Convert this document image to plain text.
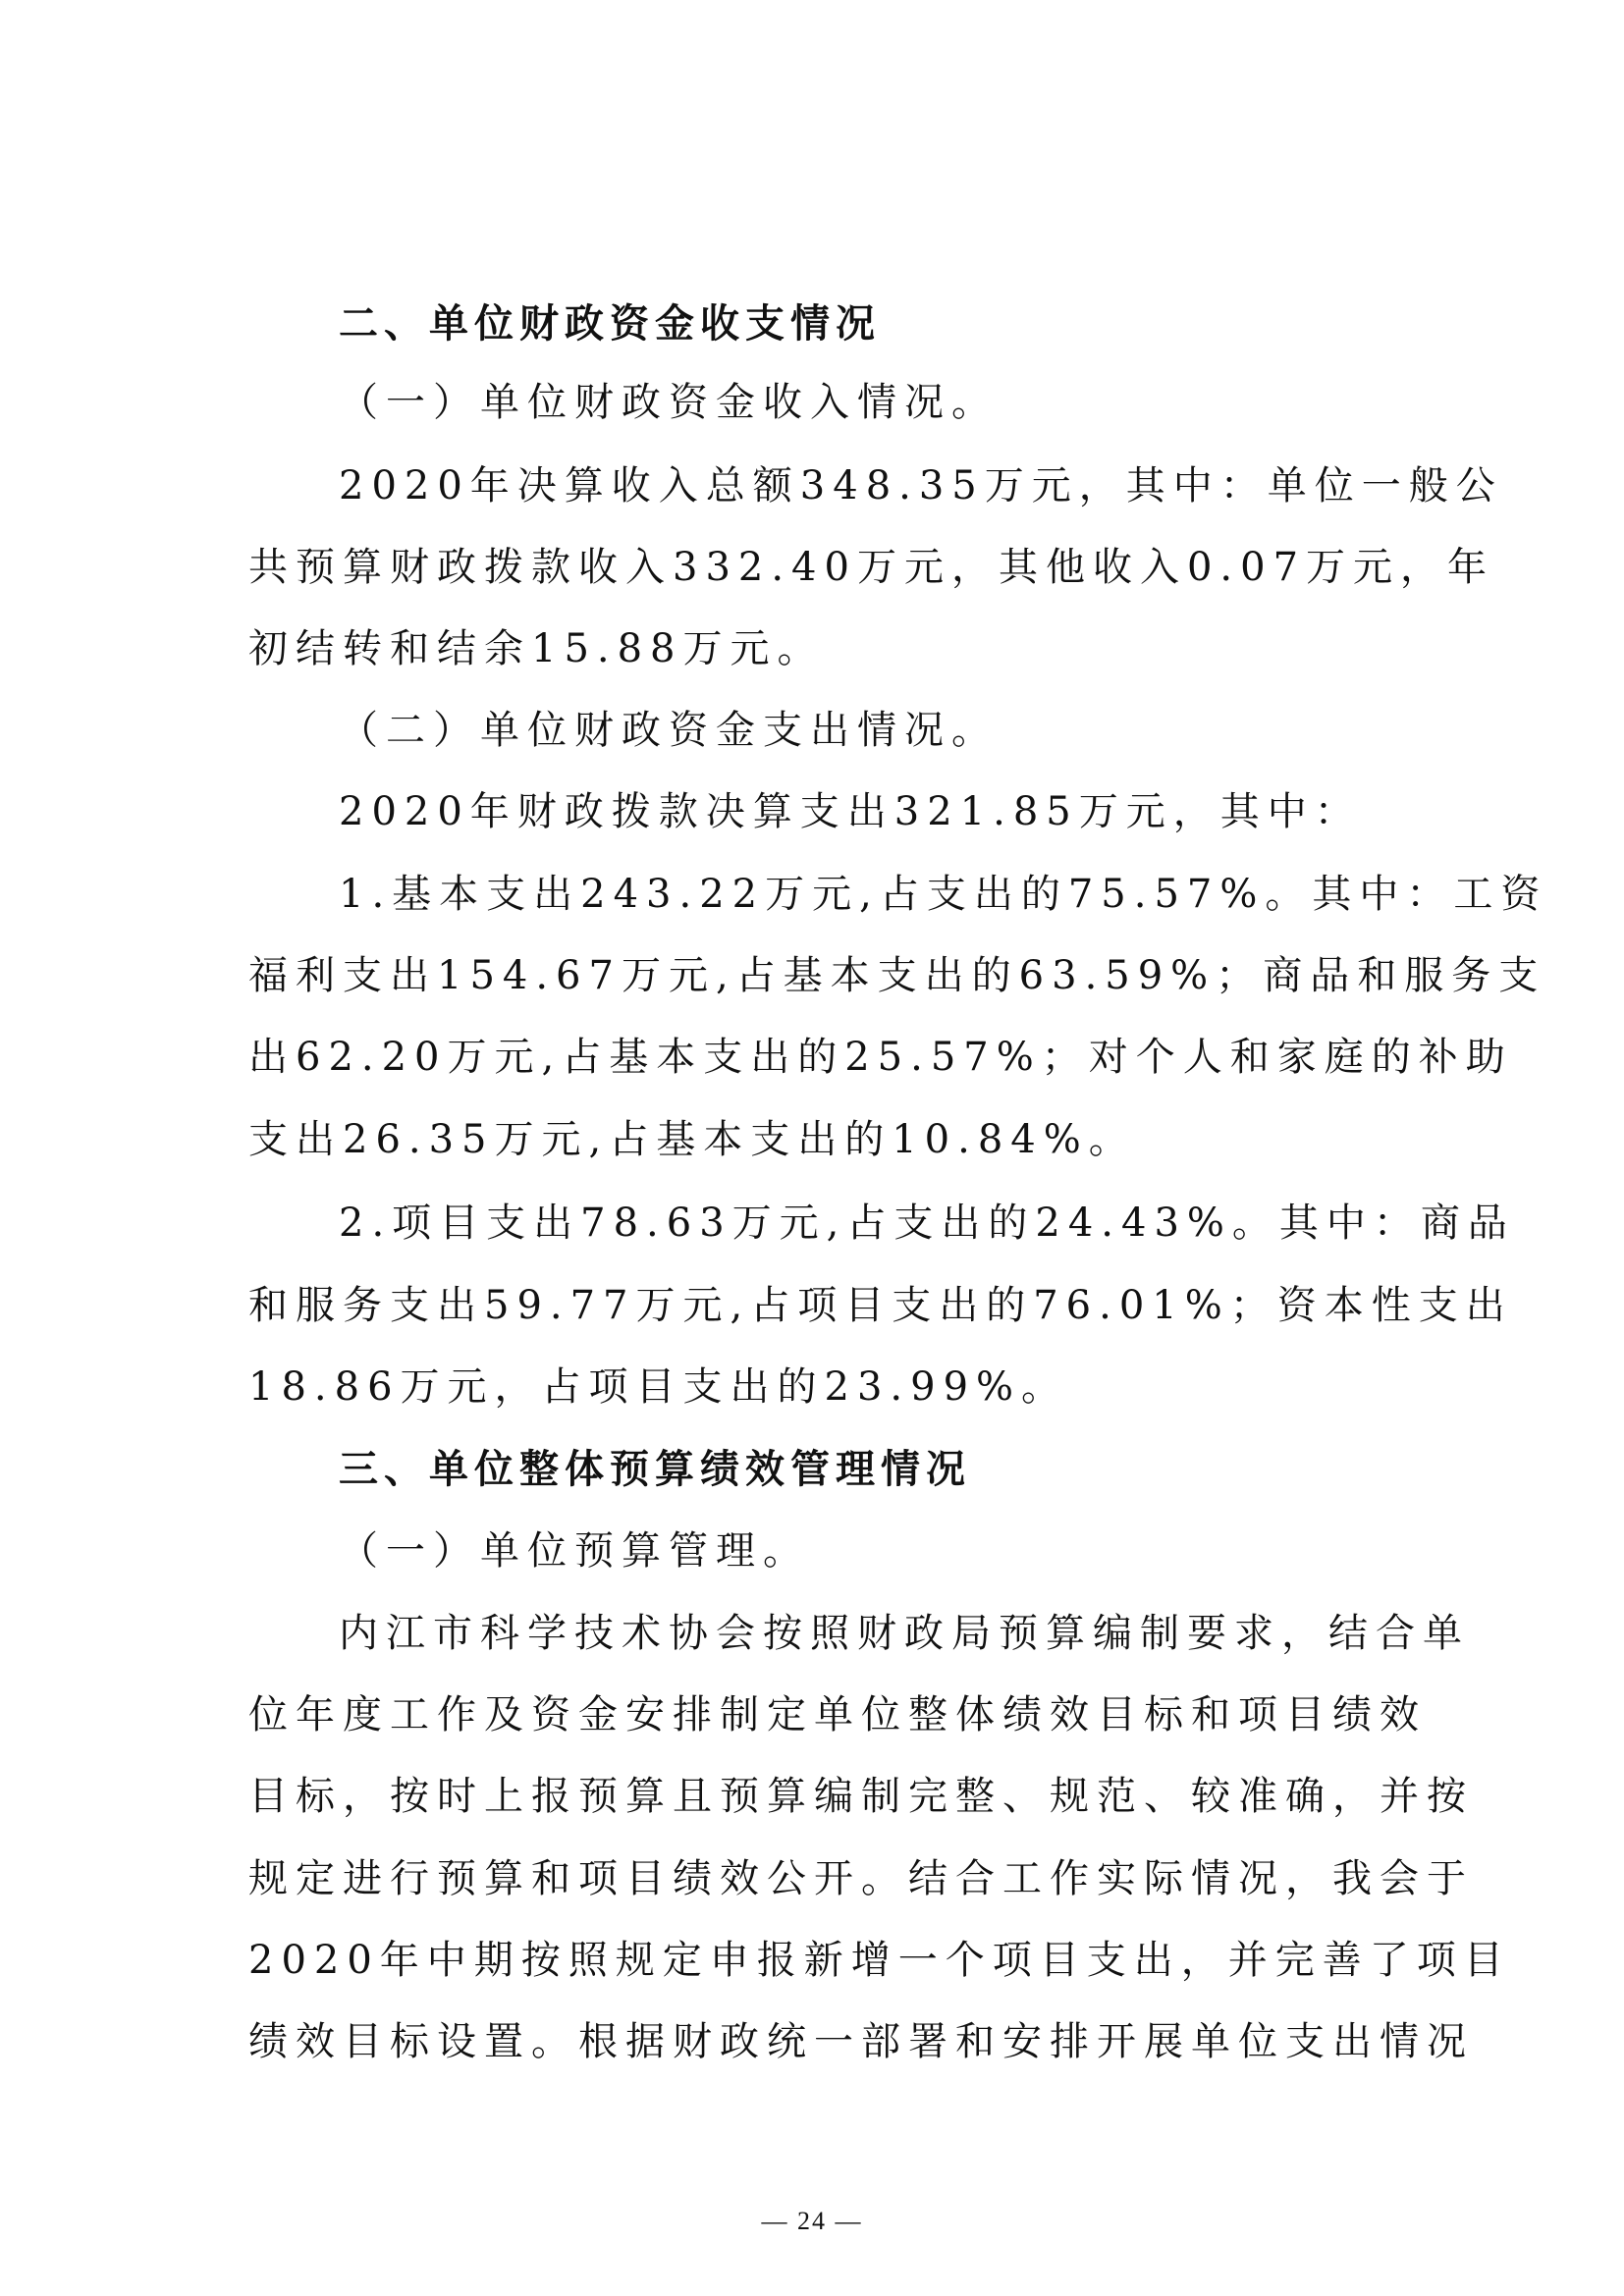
二、单位财政资金收支情况
（一）单位财政资金收入情况。
2020年决算收入总额348.35万元，其中：单位一般公
共预算财政拨款收入332.40万元，其他收入0.07万元，年
初结转和结余15.88万元。
（二）单位财政资金支出情况。
2020年财政拨款决算支出321.85万元，其中：
1.基本支出243.22万元,占支出的75.57%。其中：工资
福利支出154.67万元,占基本支出的63.59%；商品和服务支
出62.20万元,占基本支出的25.57%；对个人和家庭的补助
支出26.35万元,占基本支出的10.84%。
2.项目支出78.63万元,占支出的24.43%。其中：商品
和服务支出59.77万元,占项目支出的76.01%；资本性支出
18.86万元，占项目支出的23.99%。
三、单位整体预算绩效管理情况
（一）单位预算管理。
内江市科学技术协会按照财政局预算编制要求，结合单
位年度工作及资金安排制定单位整体绩效目标和项目绩效
目标，按时上报预算且预算编制完整、规范、较准确，并按
规定进行预算和项目绩效公开。结合工作实际情况，我会于
2020年中期按照规定申报新增一个项目支出，并完善了项目
绩效目标设置。根据财政统一部署和安排开展单位支出情况
— 24 —
